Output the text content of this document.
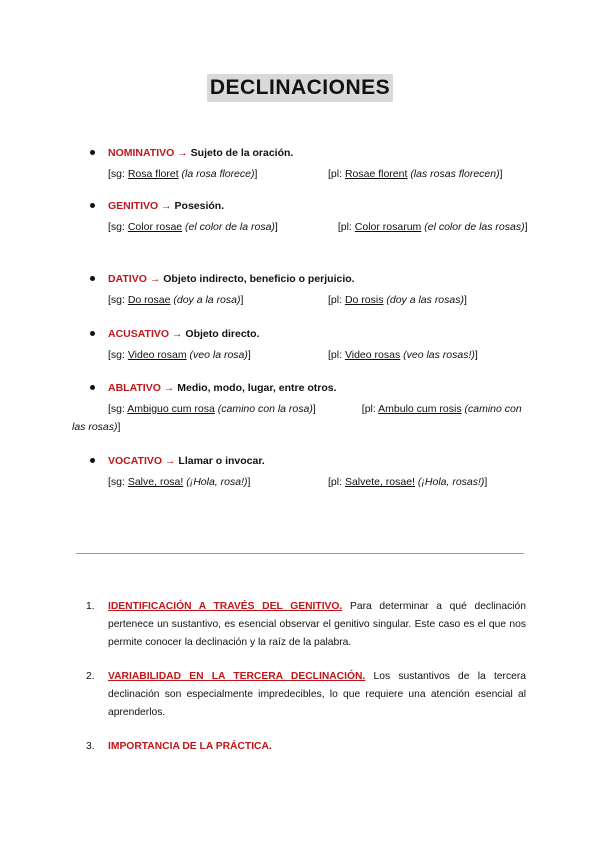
DECLINACIONES
NOMINATIVO → Sujeto de la oración.
[sg: Rosa floret (la rosa florece)]	[pl: Rosae florent (las rosas florecen)]
GENITIVO → Posesión.
[sg: Color rosae (el color de la rosa)]	[pl: Color rosarum (el color de las rosas)]
DATIVO → Objeto indirecto, beneficio o perjuicio.
[sg: Do rosae (doy a la rosa)]	[pl: Do rosis (doy a las rosas)]
ACUSATIVO → Objeto directo.
[sg: Video rosam (veo la rosa)]	[pl: Video rosas (veo las rosas!)]
ABLATIVO → Medio, modo, lugar, entre otros.
[sg: Ambiguo cum rosa (camino con la rosa)]	[pl: Ambulo cum rosis (camino con las rosas)]
VOCATIVO → Llamar o invocar.
[sg: Salve, rosa! (¡Hola, rosa!)]	[pl: Salvete, rosae! (¡Hola, rosas!)]
1. IDENTIFICACIÓN A TRAVÉS DEL GENITIVO. Para determinar a qué declinación pertenece un sustantivo, es esencial observar el genitivo singular. Este caso es el que nos permite conocer la declinación y la raíz de la palabra.
2. VARIABILIDAD EN LA TERCERA DECLINACIÓN. Los sustantivos de la tercera declinación son especialmente impredecibles, lo que requiere una atención esencial al aprenderlos.
3. IMPORTANCIA DE LA PRÁCTICA.
